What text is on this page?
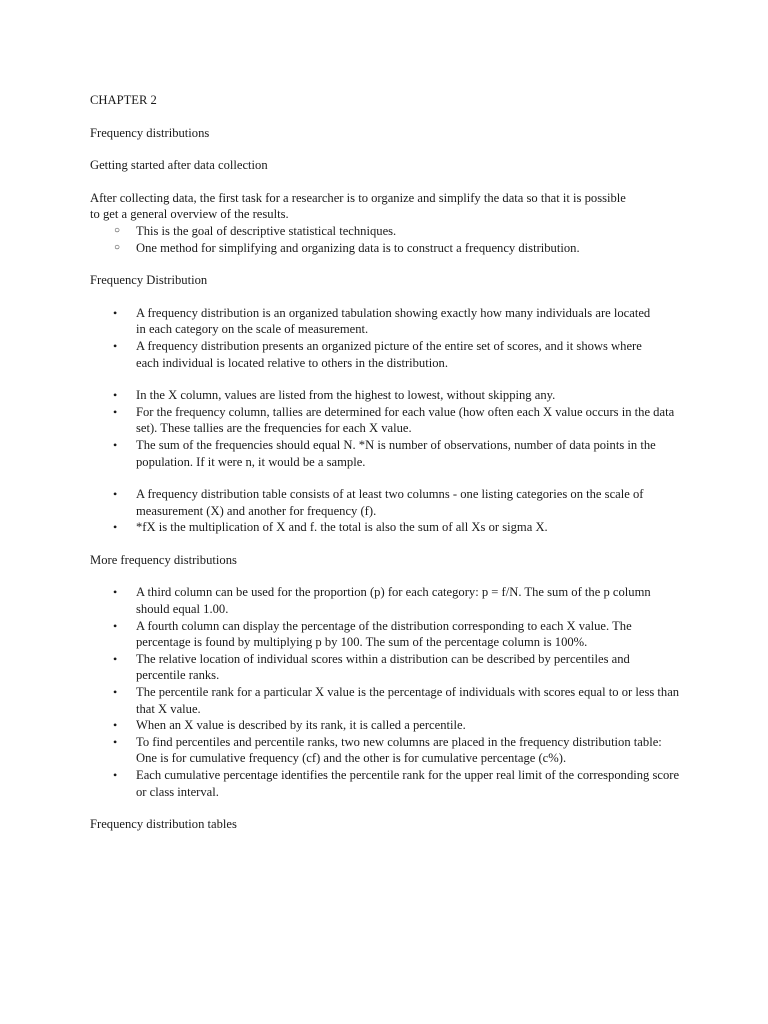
CHAPTER 2

Frequency distributions

Getting started after data collection

After collecting data, the first task for a researcher is to organize and simplify the data so that it is possible to get a general overview of the results.

○ This is the goal of descriptive statistical techniques.
○ One method for simplifying and organizing data is to construct a frequency distribution.

Frequency Distribution

• A frequency distribution is an organized tabulation showing exactly how many individuals are located in each category on the scale of measurement.
• A frequency distribution presents an organized picture of the entire set of scores, and it shows where each individual is located relative to others in the distribution.
• In the X column, values are listed from the highest to lowest, without skipping any.
• For the frequency column, tallies are determined for each value (how often each X value occurs in the data set). These tallies are the frequencies for each X value.
• The sum of the frequencies should equal N. *N is number of observations, number of data points in the population. If it were n, it would be a sample.
• A frequency distribution table consists of at least two columns - one listing categories on the scale of measurement (X) and another for frequency (f).
• *fX is the multiplication of X and f. the total is also the sum of all Xs or sigma X.

More frequency distributions

• A third column can be used for the proportion (p) for each category: p = f/N. The sum of the p column should equal 1.00.
• A fourth column can display the percentage of the distribution corresponding to each X value. The percentage is found by multiplying p by 100. The sum of the percentage column is 100%.
• The relative location of individual scores within a distribution can be described by percentiles and percentile ranks.
• The percentile rank for a particular X value is the percentage of individuals with scores equal to or less than that X value.
• When an X value is described by its rank, it is called a percentile.
• To find percentiles and percentile ranks, two new columns are placed in the frequency distribution table: One is for cumulative frequency (cf) and the other is for cumulative percentage (c%).
• Each cumulative percentage identifies the percentile rank for the upper real limit of the corresponding score or class interval.

Frequency distribution tables
